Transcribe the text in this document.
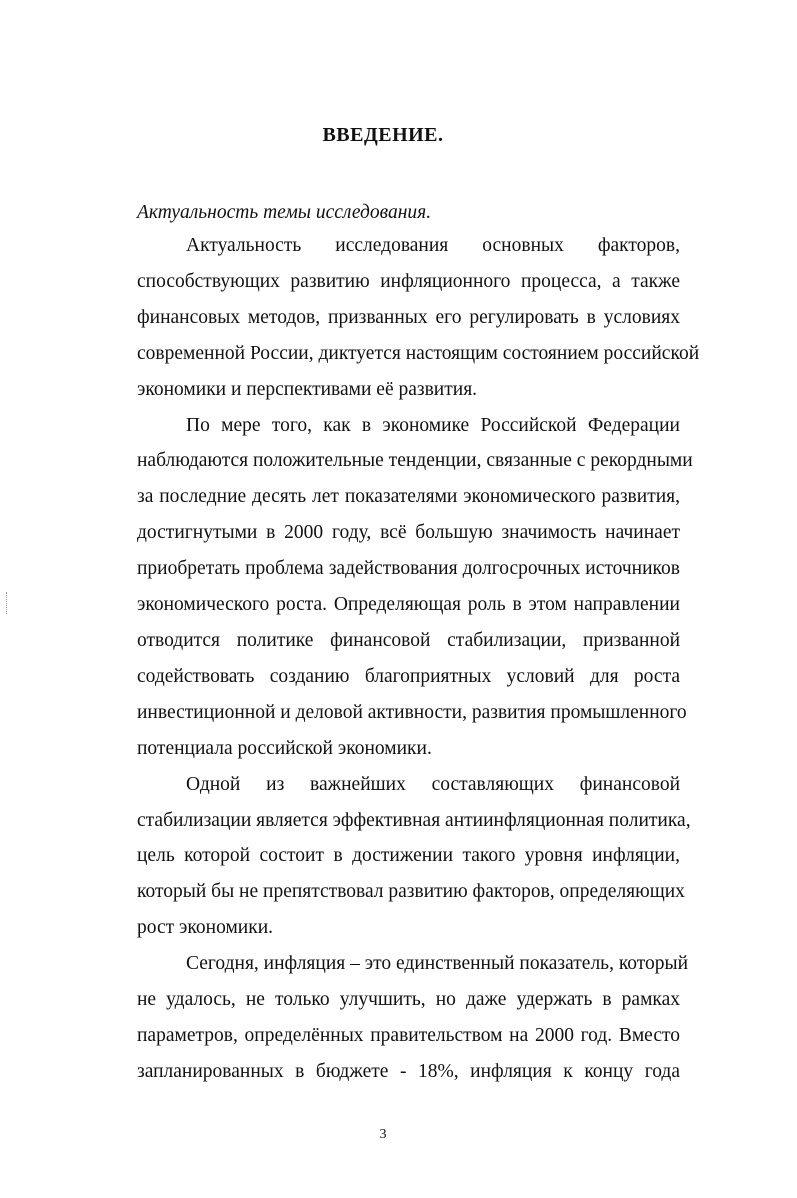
ВВЕДЕНИЕ.
Актуальность темы исследования.
Актуальность исследования основных факторов,
способствующих развитию инфляционного процесса, а также
финансовых методов, призванных его регулировать в условиях
современной России, диктуется настоящим состоянием российской
экономики и перспективами её развития.
По мере того, как в экономике Российской Федерации
наблюдаются положительные тенденции, связанные с рекордными
за последние десять лет показателями экономического развития,
достигнутыми в 2000 году, всё большую значимость начинает
приобретать проблема задействования долгосрочных источников
экономического роста. Определяющая роль в этом направлении
отводится политике финансовой стабилизации, призванной
содействовать созданию благоприятных условий для роста
инвестиционной и деловой активности, развития промышленного
потенциала российской экономики.
Одной из важнейших составляющих финансовой
стабилизации является эффективная антиинфляционная политика,
цель которой состоит в достижении такого уровня инфляции,
который бы не препятствовал развитию факторов, определяющих
рост экономики.
Сегодня, инфляция – это единственный показатель, который
не удалось, не только улучшить, но даже удержать в рамках
параметров, определённых правительством на 2000 год. Вместо
запланированных в бюджете - 18%, инфляция к концу года
3
